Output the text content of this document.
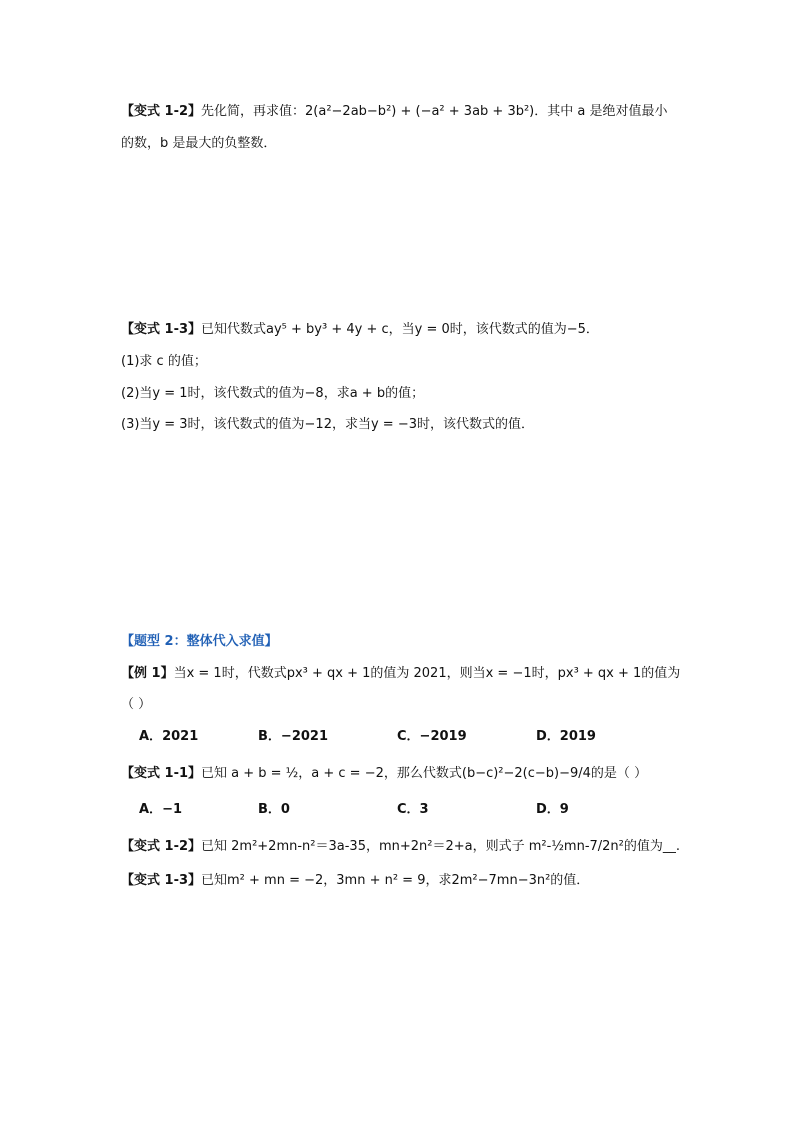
【变式 1-2】先化简，再求值：2(a²−2ab−b²) + (−a² + 3ab + 3b²)．其中 a 是绝对值最小
的数，b 是最大的负整数．
【变式 1-3】已知代数式ay⁵ + by³ + 4y + c，当y = 0时，该代数式的值为−5．
(1)求 c 的值；
(2)当y = 1时，该代数式的值为−8，求a + b的值；
(3)当y = 3时，该代数式的值为−12，求当y = −3时，该代数式的值．
【题型 2：整体代入求值】
【例 1】当x = 1时，代数式px³ + qx + 1的值为 2021，则当x = −1时，px³ + qx + 1的值为
（ ）
A．2021	B．−2021	C．−2019	D．2019
【变式 1-1】已知 a + b = ½，a + c = −2，那么代数式(b−c)²−2(c−b)−9/4的是（ ）
A．−1	B．0	C．3	D．9
【变式 1-2】已知 2m²+2mn-n²＝3a-35，mn+2n²＝2+a，则式子 m²-½mn-7/2n²的值为__.
【变式 1-3】已知m² + mn = −2，3mn + n² = 9，求2m²−7mn−3n²的值．
